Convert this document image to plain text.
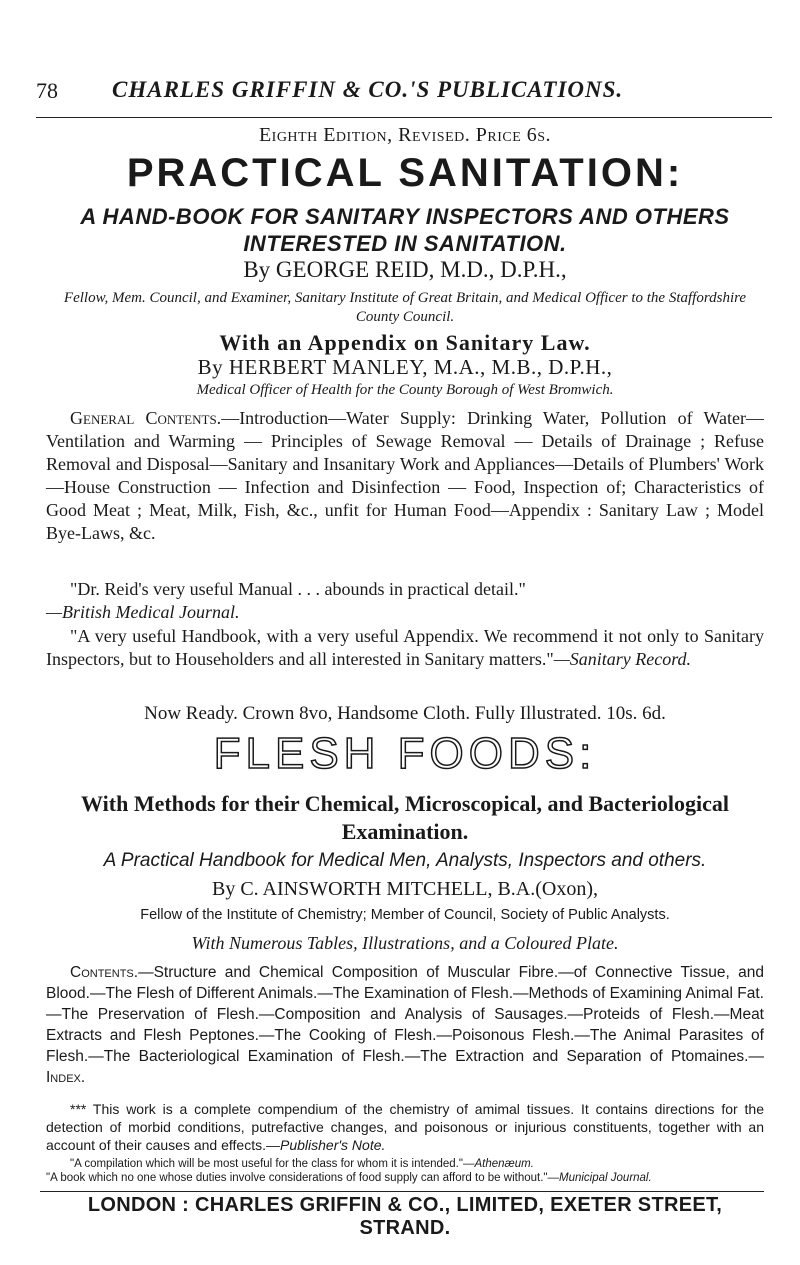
78 CHARLES GRIFFIN & CO.'S PUBLICATIONS.
Eighth Edition, Revised. Price 6s.
PRACTICAL SANITATION:
A HAND-BOOK FOR SANITARY INSPECTORS AND OTHERS INTERESTED IN SANITATION.
By GEORGE REID, M.D., D.P.H.,
Fellow, Mem. Council, and Examiner, Sanitary Institute of Great Britain, and Medical Officer to the Staffordshire County Council.
With an Appendix on Sanitary Law.
By HERBERT MANLEY, M.A., M.B., D.P.H.,
Medical Officer of Health for the County Borough of West Bromwich.
General Contents.—Introduction—Water Supply: Drinking Water, Pollution of Water—Ventilation and Warming — Principles of Sewage Removal — Details of Drainage ; Refuse Removal and Disposal—Sanitary and Insanitary Work and Appliances—Details of Plumbers' Work—House Construction — Infection and Disinfection — Food, Inspection of; Characteristics of Good Meat ; Meat, Milk, Fish, &c., unfit for Human Food—Appendix : Sanitary Law ; Model Bye-Laws, &c.
"Dr. Reid's very useful Manual . . . abounds in practical detail."
—British Medical Journal.
"A very useful Handbook, with a very useful Appendix. We recommend it not only to Sanitary Inspectors, but to Householders and all interested in Sanitary matters."—Sanitary Record.
Now Ready. Crown 8vo, Handsome Cloth. Fully Illustrated. 10s. 6d.
FLESH FOODS:
With Methods for their Chemical, Microscopical, and Bacteriological Examination.
A Practical Handbook for Medical Men, Analysts, Inspectors and others.
By C. AINSWORTH MITCHELL, B.A.(Oxon),
Fellow of the Institute of Chemistry; Member of Council, Society of Public Analysts.
With Numerous Tables, Illustrations, and a Coloured Plate.
Contents.—Structure and Chemical Composition of Muscular Fibre.—of Connective Tissue, and Blood.—The Flesh of Different Animals.—The Examination of Flesh.—Methods of Examining Animal Fat.—The Preservation of Flesh.—Composition and Analysis of Sausages.—Proteids of Flesh.—Meat Extracts and Flesh Peptones.—The Cooking of Flesh.—Poisonous Flesh.—The Animal Parasites of Flesh.—The Bacteriological Examination of Flesh.—The Extraction and Separation of Ptomaines.—Index.
*** This work is a complete compendium of the chemistry of amimal tissues. It contains directions for the detection of morbid conditions, putrefactive changes, and poisonous or injurious constituents, together with an account of their causes and effects.—Publisher's Note.
"A compilation which will be most useful for the class for whom it is intended."—Athenæum.
"A book which no one whose duties involve considerations of food supply can afford to be without."—Municipal Journal.
LONDON : CHARLES GRIFFIN & CO., LIMITED, EXETER STREET, STRAND.
